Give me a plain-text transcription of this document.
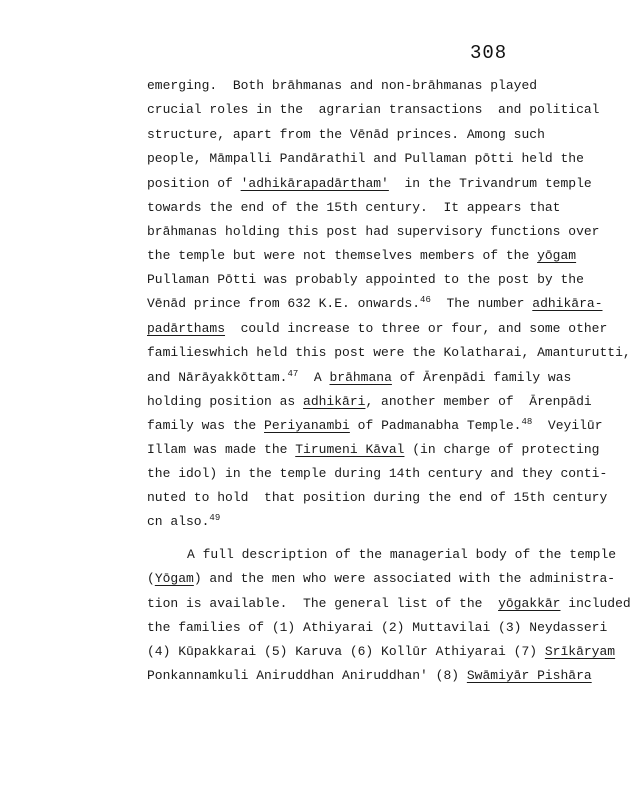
308
emerging.  Both brāhmanas and non-brāhmanas played
crucial roles in the  agrarian transactions  and political
structure, apart from the Vēnād princes. Among such
people, Māmpalli Pandārathil and Pullaman pōtti held the
position of 'adhikārapadārtham'  in the Trivandrum temple
towards the end of the 15th century.  It appears that
brāhmanas holding this post had supervisory functions over
the temple but were not themselves members of the yōgam
Pullaman Pōtti was probably appointed to the post by the
Vēnād prince from 632 K.E. onwards.$^{46}$  The number adhikāra-
padārthams  could increase to three or four, and some other
familieswhich held this post were the Kolatharai, Amanturutti,
and Nārāyakkōttam.$^{47}$  A brāhmana of Ārenpādi family was
holding position as adhikāri, another member of  Ārenpādi
family was the Periyanambi of Padmanabha Temple.$^{48}$  Veyilūr
Illam was made the Tirumeni Kāval (in charge of protecting
the idol) in the temple during 14th century and they conti-
nuted to hold  that position during the end of 15th century
cn also.$^{49}$
A full description of the managerial body of the temple
(Yōgam) and the men who were associated with the administra-
tion is available.  The general list of the  yōgakkār included
the families of (1) Athiyarai (2) Muttavilai (3) Neydasseri
(4) Kūpakkarai (5) Karuva (6) Kollūr Athiyarai (7) Srīkāryam
Ponkannamkuli Aniruddhan Aniruddhan' (8) Swāmiyār Pishāra
